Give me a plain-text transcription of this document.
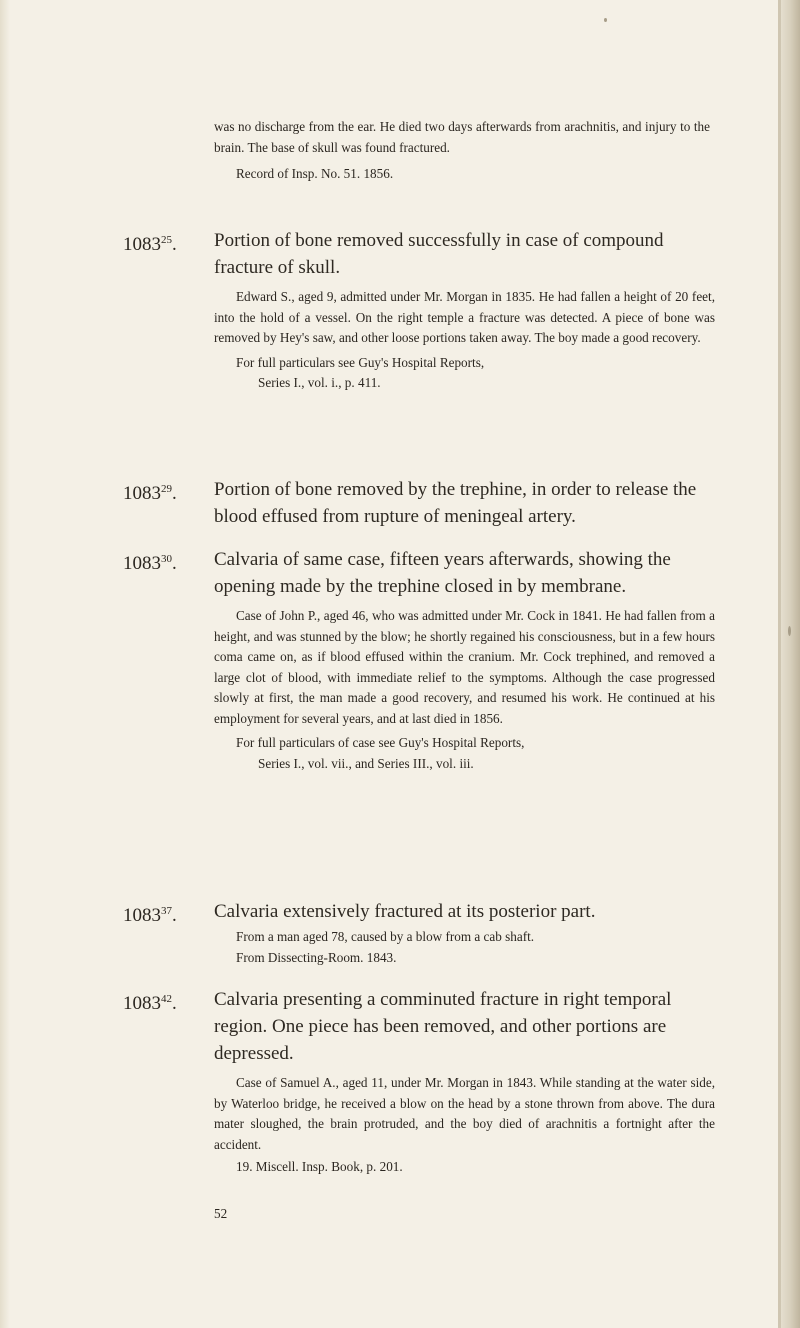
was no discharge from the ear. He died two days afterwards from arachnitis, and injury to the brain. The base of skull was found fractured.
Record of Insp. No. 51. 1856.
1083$^{25}$. Portion of bone removed successfully in case of compound fracture of skull.
Edward S., aged 9, admitted under Mr. Morgan in 1835. He had fallen a height of 20 feet, into the hold of a vessel. On the right temple a fracture was detected. A piece of bone was removed by Hey's saw, and other loose portions taken away. The boy made a good recovery.
For full particulars see Guy's Hospital Reports,
Series I., vol. i., p. 411.
1083$^{29}$. Portion of bone removed by the trephine, in order to release the blood effused from rupture of meningeal artery.
1083$^{30}$. Calvaria of same case, fifteen years afterwards, showing the opening made by the trephine closed in by membrane.
Case of John P., aged 46, who was admitted under Mr. Cock in 1841. He had fallen from a height, and was stunned by the blow; he shortly regained his consciousness, but in a few hours coma came on, as if blood effused within the cranium. Mr. Cock trephined, and removed a large clot of blood, with immediate relief to the symptoms. Although the case progressed slowly at first, the man made a good recovery, and resumed his work. He continued at his employment for several years, and at last died in 1856.
For full particulars of case see Guy's Hospital Reports,
Series I., vol. vii., and Series III., vol. iii.
1083$^{37}$. Calvaria extensively fractured at its posterior part.
From a man aged 78, caused by a blow from a cab shaft.
From Dissecting-Room. 1843.
1083$^{42}$. Calvaria presenting a comminuted fracture in right temporal region. One piece has been removed, and other portions are depressed.
Case of Samuel A., aged 11, under Mr. Morgan in 1843. While standing at the water side, by Waterloo bridge, he received a blow on the head by a stone thrown from above. The dura mater sloughed, the brain protruded, and the boy died of arachnitis a fortnight after the accident.
19. Miscell. Insp. Book, p. 201.
52
